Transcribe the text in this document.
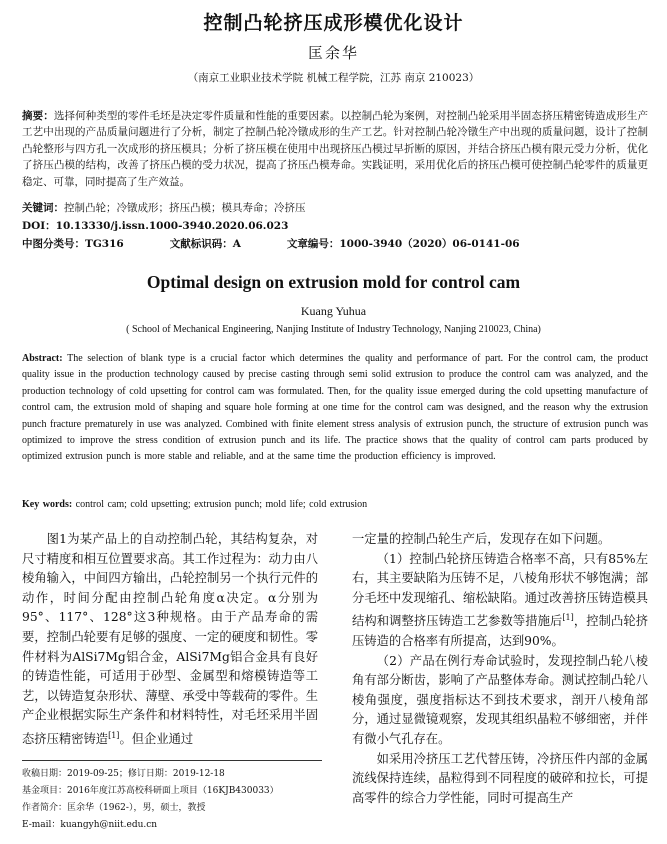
控制凸轮挤压成形模优化设计
匡余华
（南京工业职业技术学院 机械工程学院，江苏 南京 210023）
摘要：选择何种类型的零件毛坯是决定零件质量和性能的重要因素。以控制凸轮为案例，对控制凸轮采用半固态挤压精密铸造成形生产工艺中出现的产品质量问题进行了分析，制定了控制凸轮冷镦成形的生产工艺。针对控制凸轮冷镦生产中出现的质量问题，设计了控制凸轮整形与四方孔一次成形的挤压模具；分析了挤压模在使用中出现挤压凸模过早折断的原因，并结合挤压凸模有限元受力分析，优化了挤压凸模的结构，改善了挤压凸模的受力状况，提高了挤压凸模寿命。实践证明，采用优化后的挤压凸模可使控制凸轮零件的质量更稳定、可靠，同时提高了生产效益。
关键词：控制凸轮；冷镦成形；挤压凸模；模具寿命；冷挤压
DOI：10.13330/j.issn.1000-3940.2020.06.023
中图分类号：TG316	文献标识码：A	文章编号：1000-3940（2020）06-0141-06
Optimal design on extrusion mold for control cam
Kuang Yuhua
( School of Mechanical Engineering, Nanjing Institute of Industry Technology, Nanjing 210023, China)
Abstract: The selection of blank type is a crucial factor which determines the quality and performance of part. For the control cam, the product quality issue in the production technology caused by precise casting through semi solid extrusion to produce the control cam was analyzed, and the production technology of cold upsetting for control cam was formulated. Then, for the quality issue emerged during the cold upsetting manufacture of control cam, the extrusion mold of shaping and square hole forming at one time for the control cam was designed, and the reason why the extrusion punch fracture prematurely in use was analyzed. Combined with finite element stress analysis of extrusion punch, the structure of extrusion punch was optimized to improve the stress condition of extrusion punch and its life. The practice shows that the quality of control cam parts produced by optimized extrusion punch is more stable and reliable, and at the same time the production efficiency is improved.
Key words: control cam; cold upsetting; extrusion punch; mold life; cold extrusion

图1为某产品上的自动控制凸轮，其结构复杂，对尺寸精度和相互位置要求高。其工作过程为：动力由八棱角输入，中间四方输出，凸轮控制另一个执行元件的动作，时间分配由控制凸轮角度α决定。α分别为95°、117°、128°这3种规格。由于产品寿命的需要，控制凸轮要有足够的强度、一定的硬度和韧性。零件材料为AlSi7Mg铝合金，AlSi7Mg铝合金具有良好的铸造性能，可适用于砂型、金属型和熔模铸造等工艺，以铸造复杂形状、薄壁、承受中等载荷的零件。生产企业根据实际生产条件和材料特性，对毛坯采用半固态挤压精密铸造[1]。但企业通过

一定量的控制凸轮生产后，发现存在如下问题。

（1）控制凸轮挤压铸造合格率不高，只有85%左右，其主要缺陷为压铸不足，八棱角形状不够饱满；部分毛坯中发现缩孔、缩松缺陷。通过改善挤压铸造模具结构和调整挤压铸造工艺参数等措施后[1]，控制凸轮挤压铸造的合格率有所提高，达到90%。

（2）产品在例行寿命试验时，发现控制凸轮八棱角有部分断齿，影响了产品整体寿命。测试控制凸轮八棱角强度，强度指标达不到技术要求，剖开八棱角部分，通过显微镜观察，发现其组织晶粒不够细密，并伴有微小气孔存在。

如采用冷挤压工艺代替压铸，冷挤压件内部的金属流线保持连续，晶粒得到不同程度的破碎和拉长，可提高零件的综合力学性能，同时可提高生产

收稿日期：2019-09-25；修订日期：2019-12-18
基金项目：2016年度江苏高校科研面上项目（16KJB430033）
作者简介：匡余华（1962-），男，硕士，教授
E-mail：kuangyh@niit.edu.cn
